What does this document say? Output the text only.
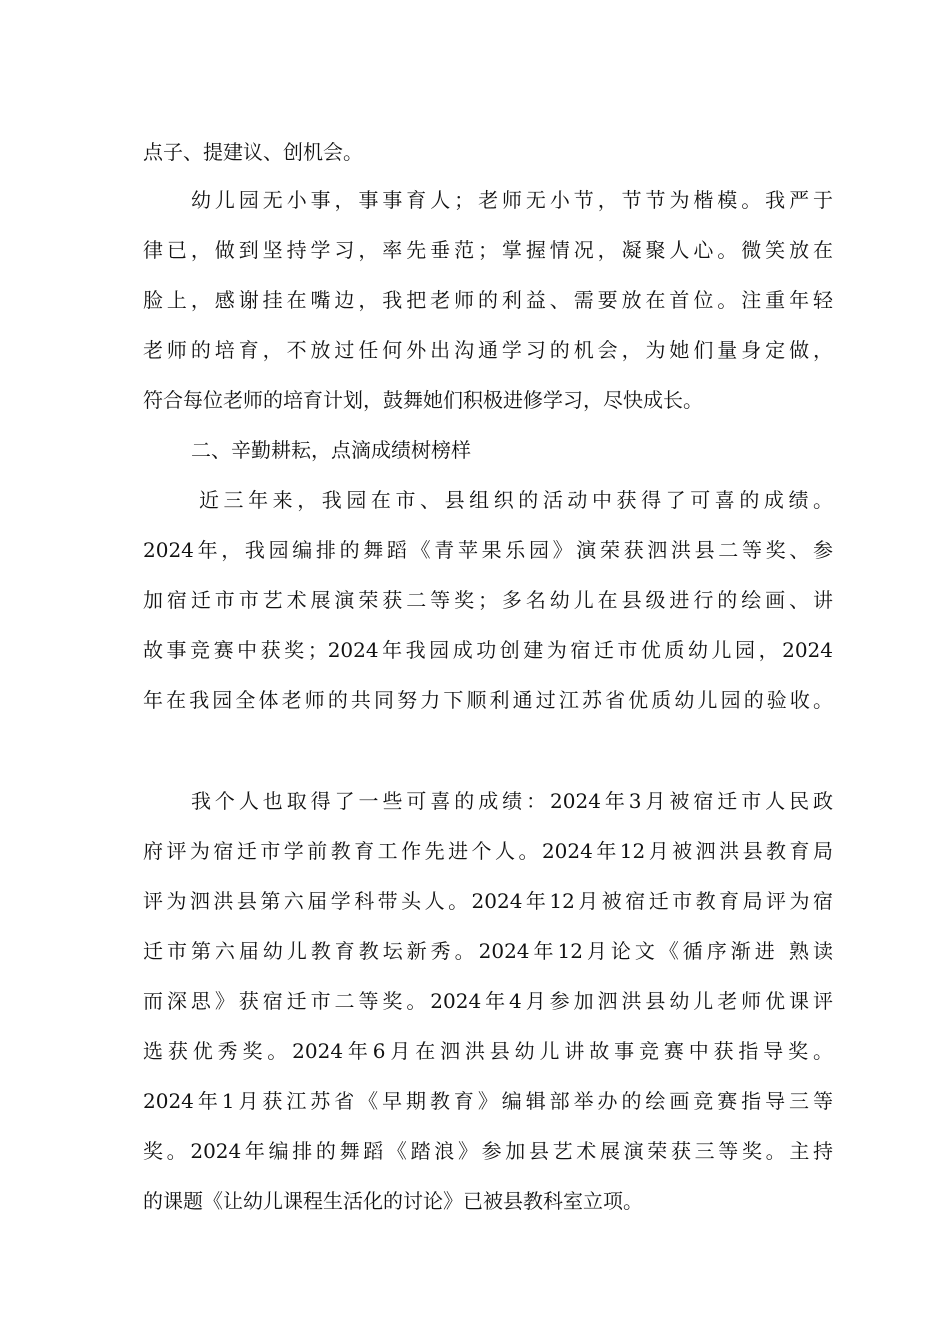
点子、提建议、创机会。
幼儿园无小事，事事育人；老师无小节，节节为楷模。我严于
律已，做到坚持学习，率先垂范；掌握情况，凝聚人心。微笑放在
脸上，感谢挂在嘴边，我把老师的利益、需要放在首位。注重年轻
老师的培育，不放过任何外出沟通学习的机会，为她们量身定做，
符合每位老师的培育计划，鼓舞她们积极进修学习，尽快成长。
二、辛勤耕耘，点滴成绩树榜样
近三年来，我园在市、县组织的活动中获得了可喜的成绩。
2024年，我园编排的舞蹈《青苹果乐园》演荣获泗洪县二等奖、参
加宿迁市市艺术展演荣获二等奖；多名幼儿在县级进行的绘画、讲
故事竞赛中获奖；2024年我园成功创建为宿迁市优质幼儿园，2024
年在我园全体老师的共同努力下顺利通过江苏省优质幼儿园的验收。
我个人也取得了一些可喜的成绩：2024年3月被宿迁市人民政
府评为宿迁市学前教育工作先进个人。2024年12月被泗洪县教育局
评为泗洪县第六届学科带头人。2024年12月被宿迁市教育局评为宿
迁市第六届幼儿教育教坛新秀。2024年12月论文《循序渐进 熟读
而深思》获宿迁市二等奖。2024年4月参加泗洪县幼儿老师优课评
选获优秀奖。2024年6月在泗洪县幼儿讲故事竞赛中获指导奖。
2024年1月获江苏省《早期教育》编辑部举办的绘画竞赛指导三等
奖。2024年编排的舞蹈《踏浪》参加县艺术展演荣获三等奖。主持
的课题《让幼儿课程生活化的讨论》已被县教科室立项。
